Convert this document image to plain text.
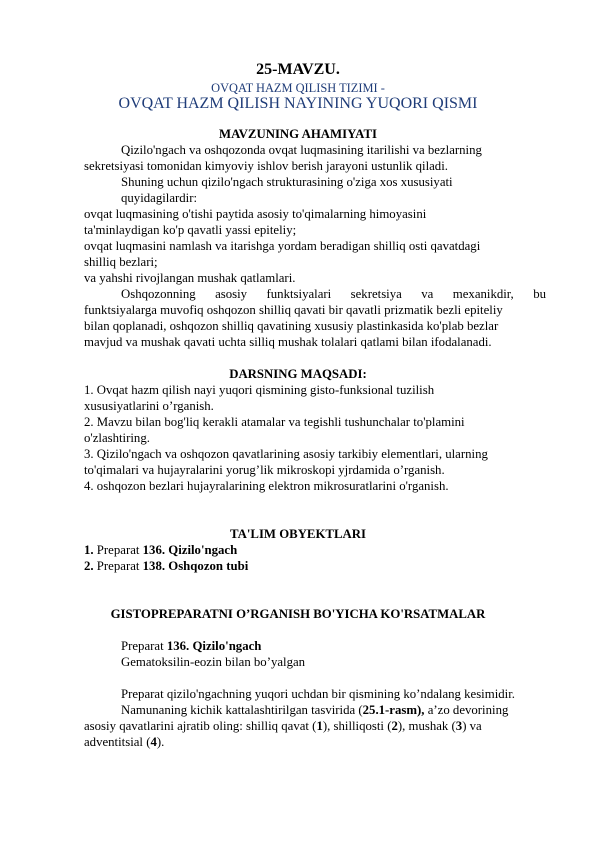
25-MAVZU.
OVQAT HAZM QILISH TIZIMI -
OVQAT HAZM QILISH NAYINING YUQORI QISMI
MAVZUNING AHAMIYATI
Qizilo'ngach va oshqozonda ovqat luqmasining itarilishi va bezlarning
sekretsiyasi tomonidan kimyoviy ishlov berish jarayoni ustunlik qiladi.
Shuning uchun qizilo'ngach strukturasining o'ziga xos xususiyati
quyidagilardir:
ovqat luqmasining o'tishi paytida asosiy to'qimalarning himoyasini
ta'minlaydigan ko'p qavatli yassi epiteliy;
ovqat luqmasini namlash va itarishga yordam beradigan shilliq osti qavatdagi
shilliq bezlari;
va yahshi rivojlangan mushak qatlamlari.
Oshqozonning asosiy funktsiyalari sekretsiya va mexanikdir, bu
funktsiyalarga muvofiq oshqozon shilliq qavati bir qavatli prizmatik bezli epiteliy
bilan qoplanadi, oshqozon shilliq qavatining xususiy plastinkasida ko'plab bezlar
mavjud va mushak qavati uchta silliq mushak tolalari qatlami bilan ifodalanadi.
DARSNING MAQSADI:
1. Ovqat hazm qilish nayi yuqori qismining gisto-funksional tuzilish
xususiyatlarini o’rganish.
2. Mavzu bilan bog'liq kerakli atamalar va tegishli tushunchalar to'plamini
o'zlashtiring.
3. Qizilo'ngach va oshqozon qavatlarining asosiy tarkibiy elementlari, ularning
to'qimalari va hujayralarini yorug’lik mikroskopi yjrdamida o’rganish.
4. oshqozon bezlari hujayralarining elektron mikrosuratlarini o'rganish.
TA'LIM OBYEKTLARI
1. Preparat 136. Qizilo'ngach
2. Preparat 138. Oshqozon tubi
GISTOPREPARATNI O’RGANISH BO'YICHA KO'RSATMALAR
Preparat 136. Qizilo'ngach
Gematoksilin-eozin bilan bo’yalgan
Preparat qizilo'ngachning yuqori uchdan bir qismining ko’ndalang kesimidir.
Namunaning kichik kattalashtirilgan tasvirida (25.1-rasm), a’zo devorining
asosiy qavatlarini ajratib oling: shilliq qavat (1), shilliqosti (2), mushak (3) va
adventitsial (4).
